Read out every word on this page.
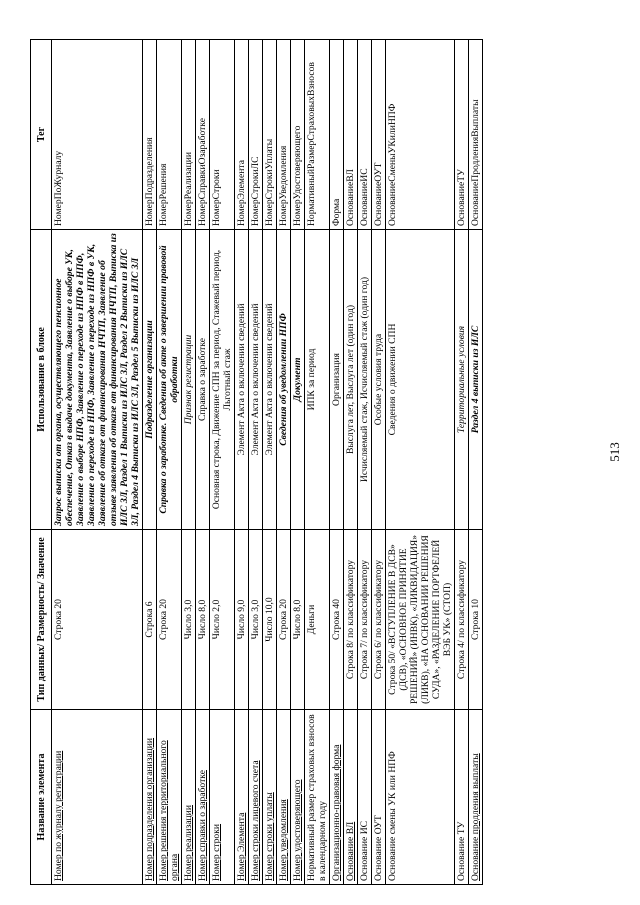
513
Название элемента	Тип данных/ Размерность/ Значение	Использование в блоке	Тег
Номер по журналу регистрации	Строка 20	Запрос выписки от органа, осуществляющего пенсионное обеспечение, Отказ в выдаче документа, Заявление о выборе УК, Заявление о выборе НПФ, Заявление о переходе из НПФ в НПФ, Заявление о переходе из НПФ, Заявление о переходе из НПФ в УК, Заявление об отказе от финансирования НЧТП, Заявление об отзыве заявления об отказе от финансирования НЧТП, Выписка из ИЛС ЗЛ, Раздел 1 Выписки из ИЛС ЗЛ, Раздел 2 Выписки из ИЛС ЗЛ, Раздел 4 Выписки из ИЛС ЗЛ, Раздел 5 Выписки из ИЛС ЗЛ	НомерПоЖурналу
Номер подразделения организации	Строка 6	Подразделение организации	НомерПодразделения
Номер решения территориального органа	Строка 20	Справка о заработке. Сведения об акте о завершении правовой обработки	НомерРешения
Номер реализации	Число 3,0	Признак регистрации	НомерРеализации
Номер справки о заработке	Число 8,0	Справка о заработке	НомерСправкиОзаработке
Номер строки	Число 2,0	Основная строка, Движение СПН за период, Стажевый период, Льготный стаж	НомерСтроки
Номер Элемента	Число 9,0	Элемент Акта о включении сведений	НомерЭлемента
Номер строки лицевого счета	Число 3,0	Элемент Акта о включении сведений	НомерСтрокиЛС
Номер строки уплаты	Число 10,0	Элемент Акта о включении сведений	НомерСтрокиУплаты
Номер уведомления	Строка 20	Сведения об уведомлении НПФ	НомерУведомления
Номер удостоверяющего	Число 8,0	Документ	НомерУдостоверяющего
Нормативный размер страховых взносов в календарном году	Деньги	ИПК за период	НормативныйРазмерСтраховыхВзносов
Организационно-правовая форма	Строка 40	Организация	Форма
Основание ВЛ	Строка 8/ по классификатору	Выслуга лет, Выслуга лет (один год)	ОснованиеВЛ
Основание ИС	Строка 7/ по классификатору	Исчисляемый стаж, Исчисляемый стаж (один год)	ОснованиеИС
Основание ОУТ	Строка 6/ по классификатору	Особые условия труда	ОснованиеОУТ
Основание смены УК или НПФ	Строка 50/ «ВСТУПЛЕНИЕ В ДСВ» (ДСВ), «ОСНОВНОЕ ПРИНЯТИЕ РЕШЕНИЙ» (ИНВК), «ЛИКВИДАЦИЯ» (ЛИКВ), «НА ОСНОВАНИИ РЕШЕНИЯ СУДА», «РАЗДЕЛЕНИЕ ПОРТФЕЛЕЙ ВЭБ УК» (СТОП)	Сведения о движении СПН	ОснованиеСменыУКилиНПФ
Основание ТУ	Строка 4/ по классификатору	Территориальные условия	ОснованиеТУ
Основание продления выплаты	Строка 10	Раздел 4 выписки из ИЛС	ОснованиеПродленияВыплаты
